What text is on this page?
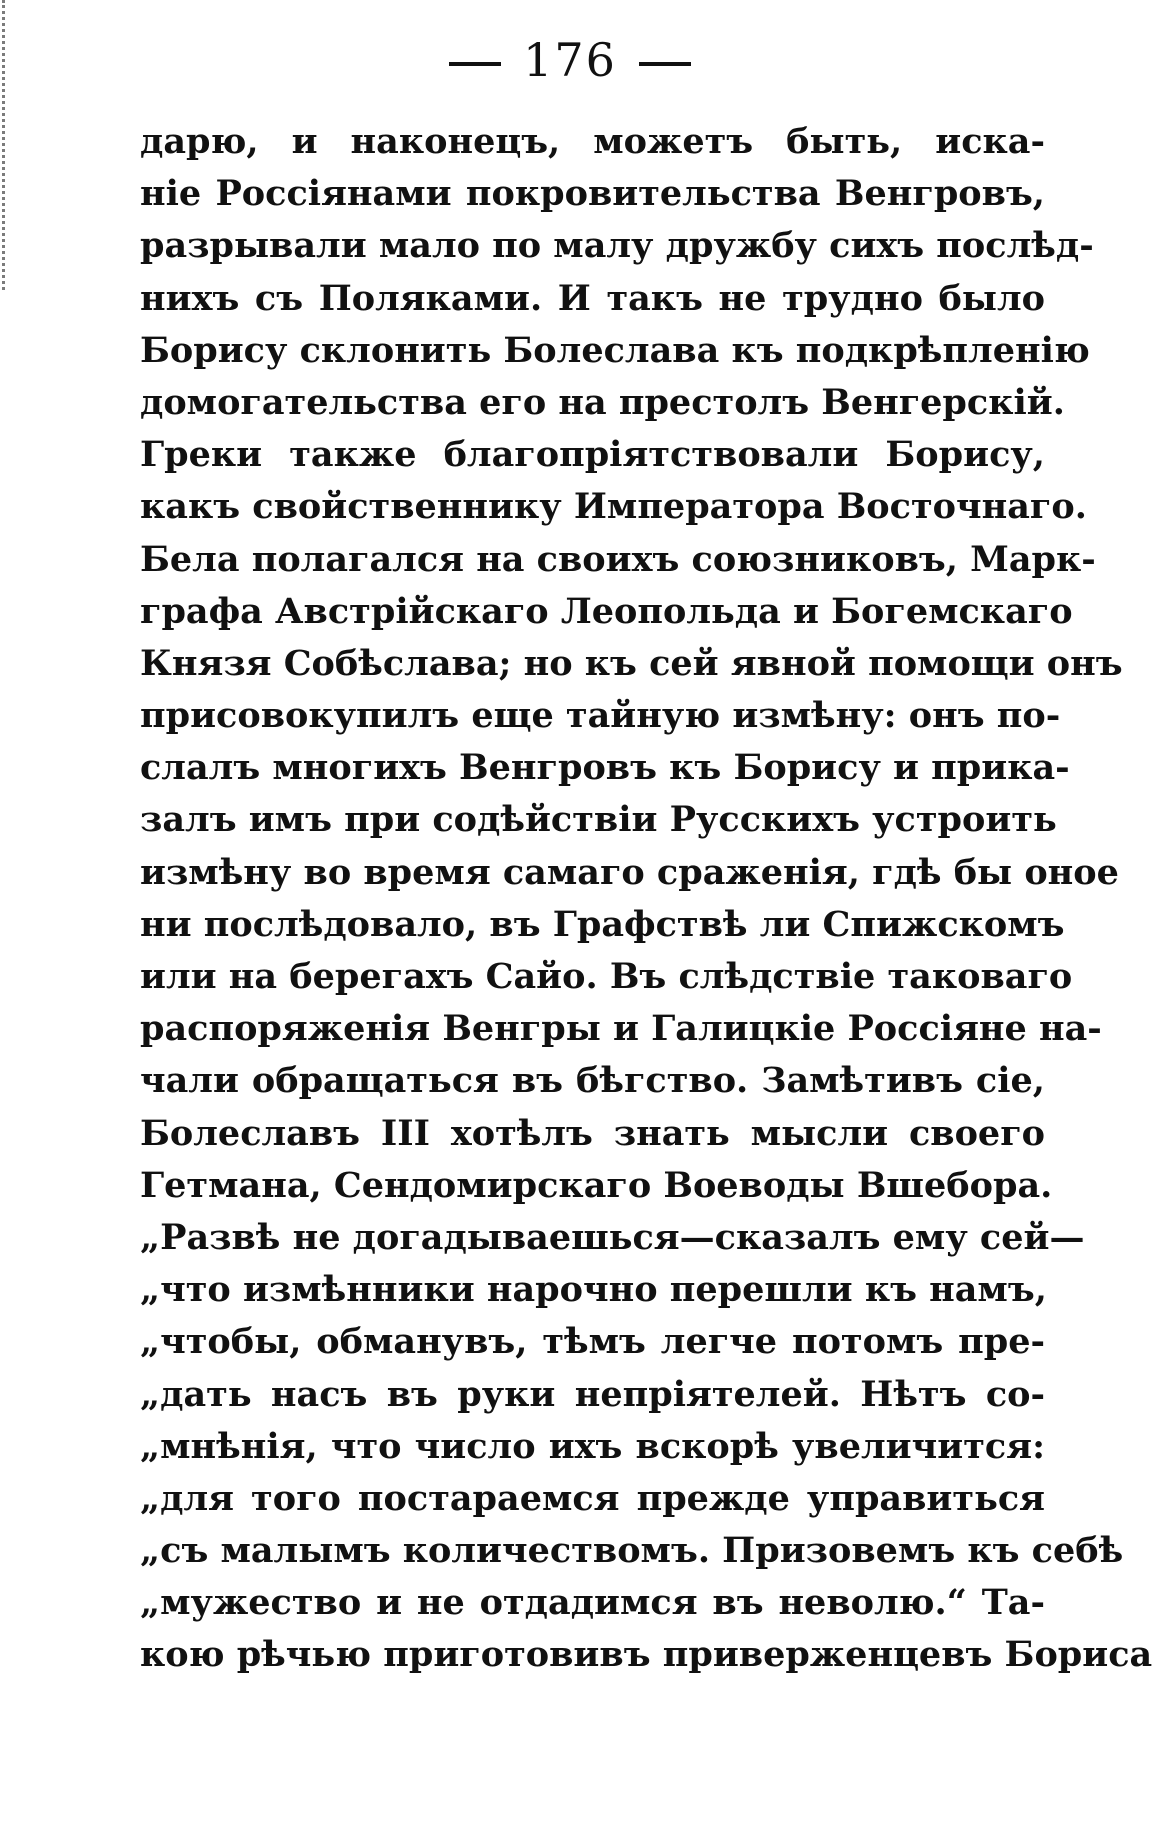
176
дарю, и наконецъ, можетъ быть, иска-
ніе Россіянами покровительства Венгровъ,
разрывали мало по малу дружбу сихъ послѣд-
нихъ съ Поляками. И такъ не трудно было
Борису склонить Болеслава къ подкрѣпленію
домогательства его на престолъ Венгерскій.
Греки также благопріятствовали Борису,
какъ свойственнику Императора Восточнаго.
Бела полагался на своихъ союзниковъ, Марк-
графа Австрійскаго Леопольда и Богемскаго
Князя Собѣслава; но къ сей явной помощи онъ
присовокупилъ еще тайную измѣну: онъ по-
слалъ многихъ Венгровъ къ Борису и прика-
залъ имъ при содѣйствіи Русскихъ устроить
измѣну во время самаго сраженія, гдѣ бы оное
ни послѣдовало, въ Графствѣ ли Спижскомъ
или на берегахъ Сайо. Въ слѣдствіе таковаго
распоряженія Венгры и Галицкіе Россіяне на-
чали обращаться въ бѣгство. Замѣтивъ сіе,
Болеславъ III хотѣлъ знать мысли своего
Гетмана, Сендомирскаго Воеводы Вшебора.
„Развѣ не догадываешься—сказалъ ему сей—
„что измѣнники нарочно перешли къ намъ,
„чтобы, обманувъ, тѣмъ легче потомъ пре-
„дать насъ въ руки непріятелей. Нѣтъ со-
„мнѣнія, что число ихъ вскорѣ увеличится:
„для того постараемся прежде управиться
„съ малымъ количествомъ. Призовемъ къ себѣ
„мужество и не отдадимся въ неволю.“ Та-
кою рѣчью приготовивъ приверженцевъ Бориса
